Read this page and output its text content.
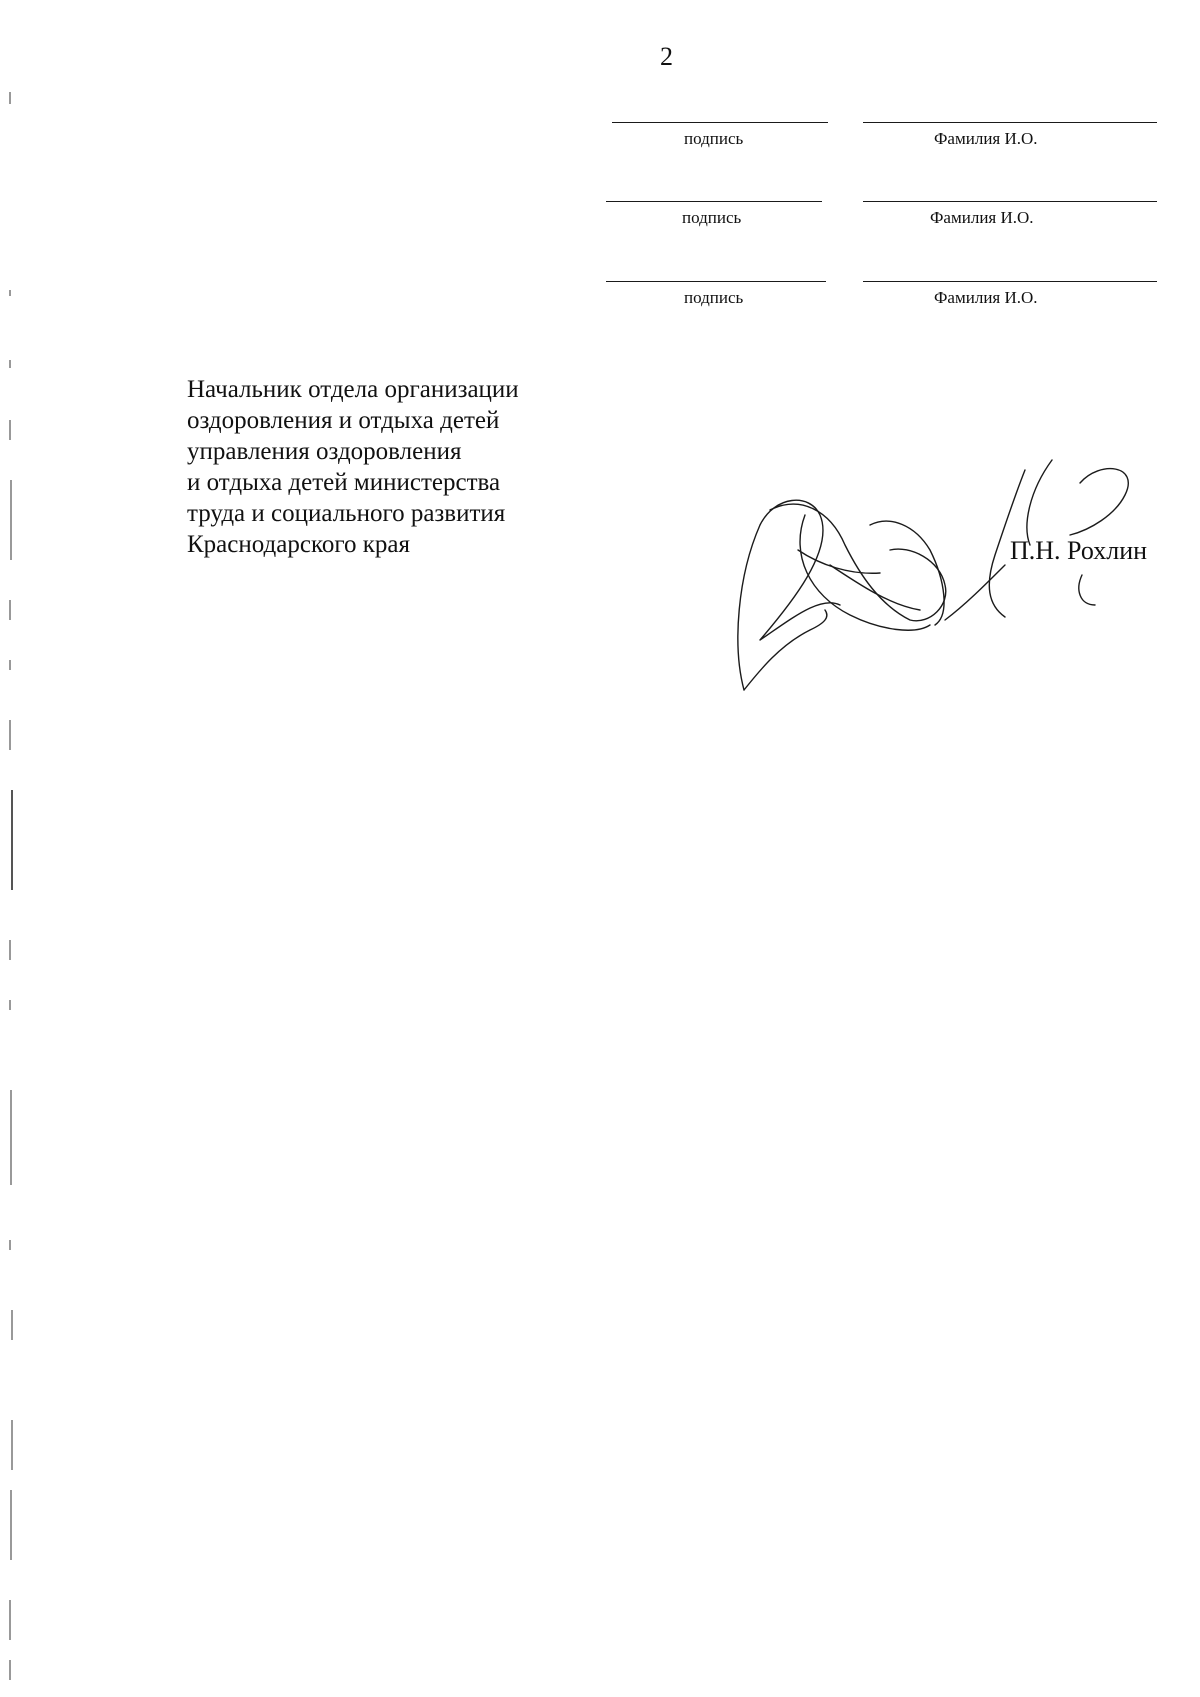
2
подпись	Фамилия И.О.
подпись	Фамилия И.О.
подпись	Фамилия И.О.
Начальник отдела организации
оздоровления и отдыха детей
управления оздоровления
и отдыха детей министерства
труда и социального развития
Краснодарского края	П.Н. Рохлин
